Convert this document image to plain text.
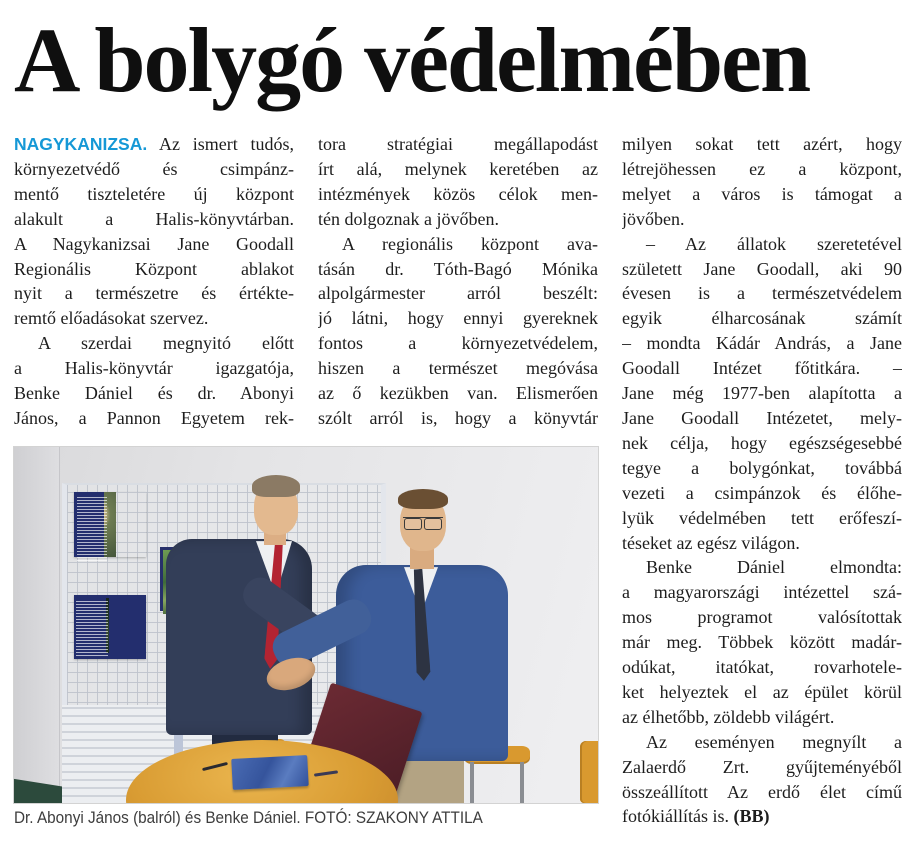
A bolygó védelmében
NAGYKANIZSA. Az ismert tudós,
környezetvédő és csimpánz-
mentő tiszteletére új központ
alakult a Halis-könyvtárban.
A Nagykanizsai Jane Goodall
Regionális Központ ablakot
nyit a természetre és értékte-
remtő előadásokat szervez.
A szerdai megnyitó előtt
a Halis-könyvtár igazgatója,
Benke Dániel és dr. Abonyi
János, a Pannon Egyetem rek-
tora stratégiai megállapodást
írt alá, melynek keretében az
intézmények közös célok men-
tén dolgoznak a jövőben.
A regionális központ ava-
tásán dr. Tóth-Bagó Mónika
alpolgármester arról beszélt:
jó látni, hogy ennyi gyereknek
fontos a környezetvédelem,
hiszen a természet megóvása
az ő kezükben van. Elismerően
szólt arról is, hogy a könyvtár
milyen sokat tett azért, hogy
létrejöhessen ez a központ,
melyet a város is támogat a
jövőben.
– Az állatok szeretetével
született Jane Goodall, aki 90
évesen is a természetvédelem
egyik élharcosának számít
– mondta Kádár András, a Jane
Goodall Intézet főtitkára. –
Jane még 1977-ben alapította a
Jane Goodall Intézetet, mely-
nek célja, hogy egészségesebbé
tegye a bolygónkat, továbbá
vezeti a csimpánzok és élőhe-
lyük védelmében tett erőfeszí-
téseket az egész világon.
Benke Dániel elmondta:
a magyarországi intézettel szá-
mos programot valósítottak
már meg. Többek között madár-
odúkat, itatókat, rovarhotele-
ket helyeztek el az épület körül
az élhetőbb, zöldebb világért.
Az eseményen megnyílt a
Zalaerdő Zrt. gyűjteményéből
összeállított Az erdő élet című
fotókiállítás is. (BB)
Dr. Abonyi János (balról) és Benke Dániel. FOTÓ: SZAKONY ATTILA
